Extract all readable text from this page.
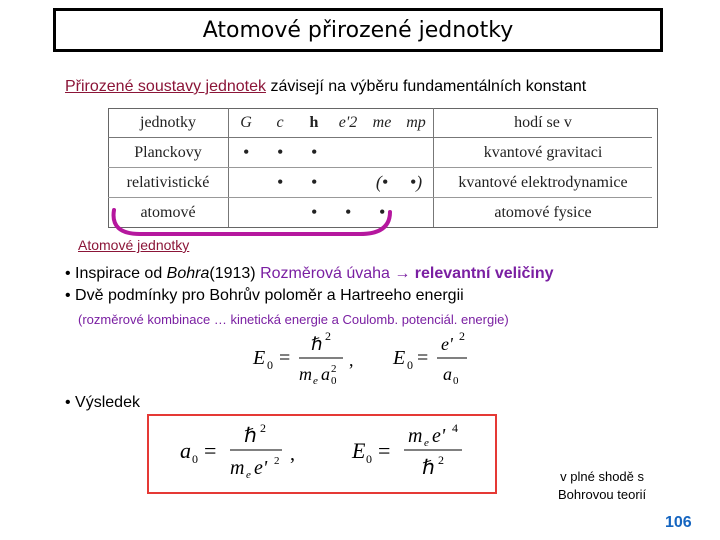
Atomové přirozené jednotky
Přirozené soustavy jednotek závisejí na výběru fundamentálních konstant
jednotky	G	c	h	e'2	me	mp	hodí se v
Planckovy	•	•	•				kvantové gravitaci
relativistické		•	•		(•	•)	kvantové elektrodynamice
atomové			•	•	•		atomové fysice
Atomové jednotky
• Inspirace od Bohra(1913) Rozměrová úvaha → relevantní veličiny
• Dvě podmínky pro Bohrův poloměr a Hartreeho energii
(rozměrové kombinace … kinetická energie a Coulomb. potenciál. energie)
E 0 =
ℏ 2
m e a 0
2 , E 0 =
e' 2
a 0
• Výsledek
a 0 =
ℏ 2
m e e' 2 ,	E 0 =
m e e' 4
ℏ 2
v plné shodě s
Bohrovou teorií
106
